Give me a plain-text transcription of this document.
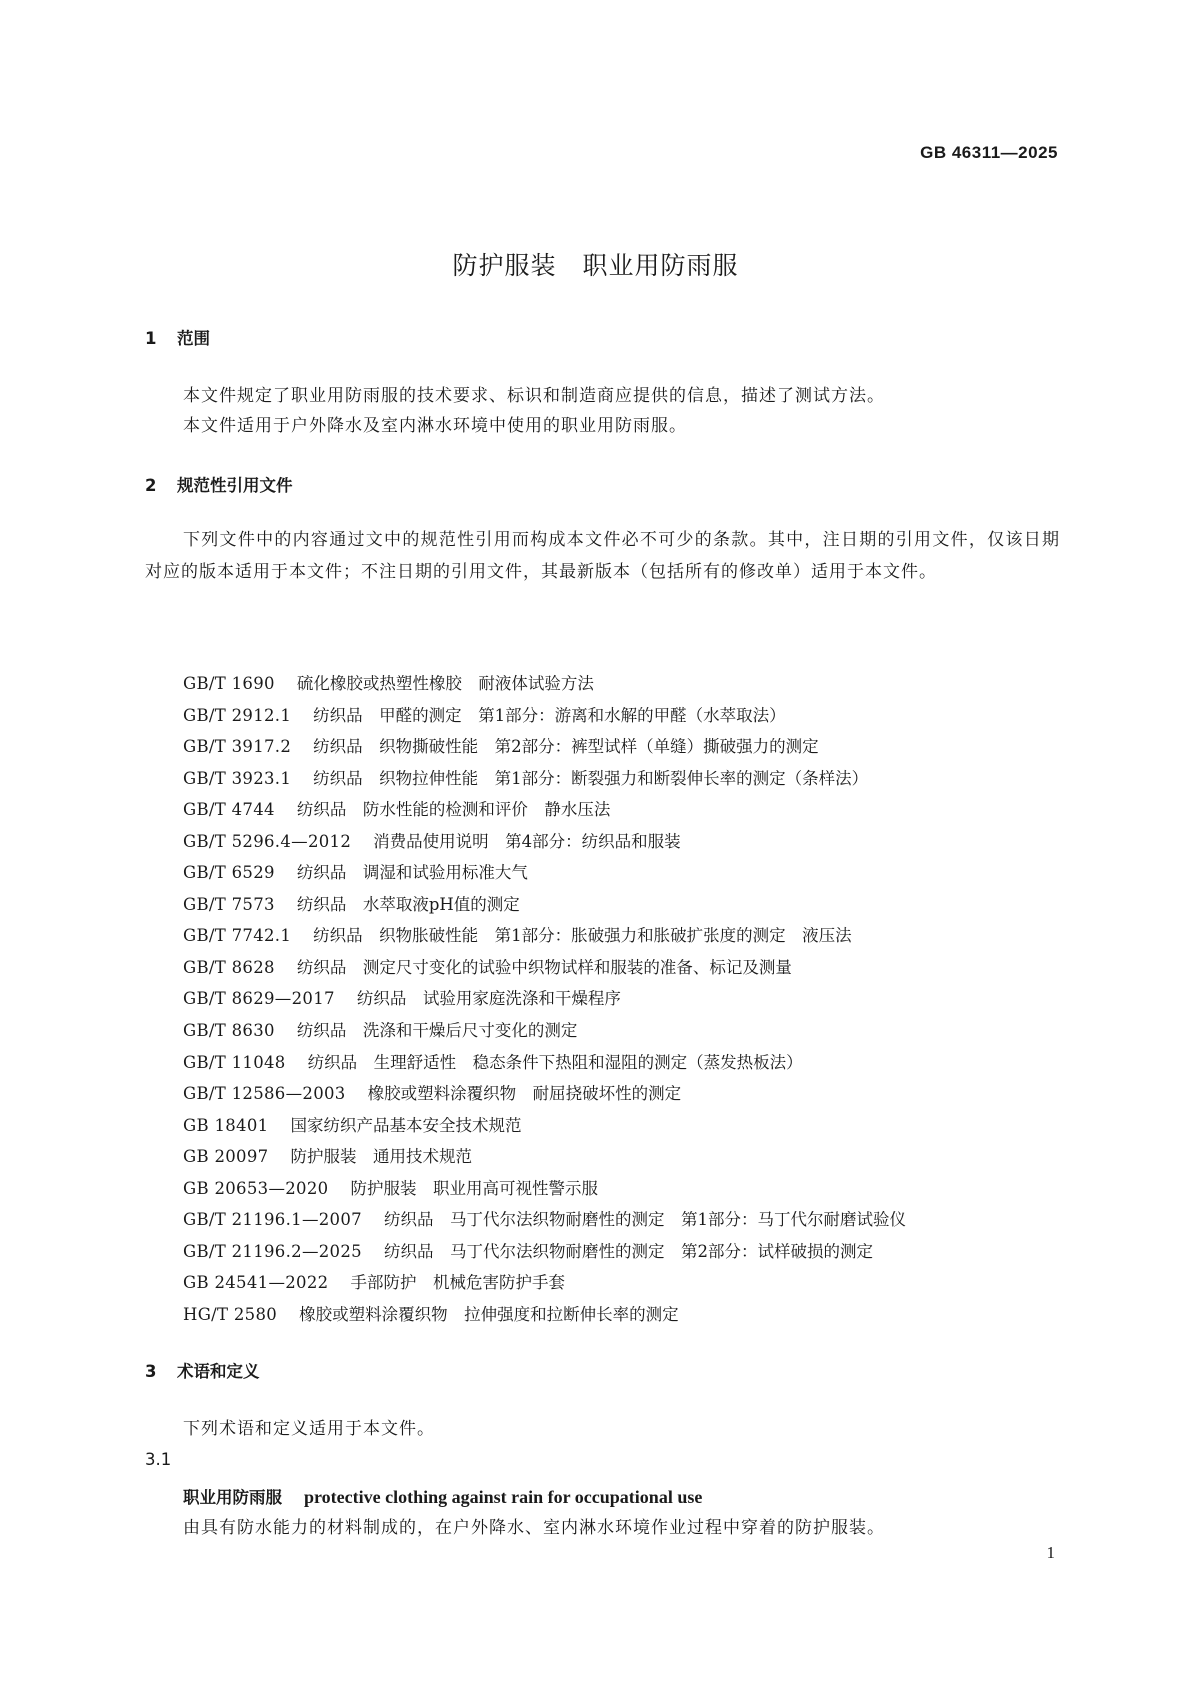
GB 46311—2025
防护服装　职业用防雨服
1 范围
本文件规定了职业用防雨服的技术要求、标识和制造商应提供的信息，描述了测试方法。
本文件适用于户外降水及室内淋水环境中使用的职业用防雨服。
2 规范性引用文件
下列文件中的内容通过文中的规范性引用而构成本文件必不可少的条款。其中，注日期的引用文件，仅该日期对应的版本适用于本文件；不注日期的引用文件，其最新版本（包括所有的修改单）适用于本文件。
GB/T 1690 硫化橡胶或热塑性橡胶　耐液体试验方法
GB/T 2912.1 纺织品　甲醛的测定　第1部分：游离和水解的甲醛（水萃取法）
GB/T 3917.2 纺织品　织物撕破性能　第2部分：裤型试样（单缝）撕破强力的测定
GB/T 3923.1 纺织品　织物拉伸性能　第1部分：断裂强力和断裂伸长率的测定（条样法）
GB/T 4744 纺织品　防水性能的检测和评价　静水压法
GB/T 5296.4—2012 消费品使用说明　第4部分：纺织品和服装
GB/T 6529 纺织品　调湿和试验用标准大气
GB/T 7573 纺织品　水萃取液pH值的测定
GB/T 7742.1 纺织品　织物胀破性能　第1部分：胀破强力和胀破扩张度的测定　液压法
GB/T 8628 纺织品　测定尺寸变化的试验中织物试样和服装的准备、标记及测量
GB/T 8629—2017 纺织品　试验用家庭洗涤和干燥程序
GB/T 8630 纺织品　洗涤和干燥后尺寸变化的测定
GB/T 11048 纺织品　生理舒适性　稳态条件下热阻和湿阻的测定（蒸发热板法）
GB/T 12586—2003 橡胶或塑料涂覆织物　耐屈挠破坏性的测定
GB 18401 国家纺织产品基本安全技术规范
GB 20097 防护服装　通用技术规范
GB 20653—2020 防护服装　职业用高可视性警示服
GB/T 21196.1—2007 纺织品　马丁代尔法织物耐磨性的测定　第1部分：马丁代尔耐磨试验仪
GB/T 21196.2—2025 纺织品　马丁代尔法织物耐磨性的测定　第2部分：试样破损的测定
GB 24541—2022 手部防护　机械危害防护手套
HG/T 2580 橡胶或塑料涂覆织物　拉伸强度和拉断伸长率的测定
3 术语和定义
下列术语和定义适用于本文件。
3.1
职业用防雨服 protective clothing against rain for occupational use
由具有防水能力的材料制成的，在户外降水、室内淋水环境作业过程中穿着的防护服装。
1
